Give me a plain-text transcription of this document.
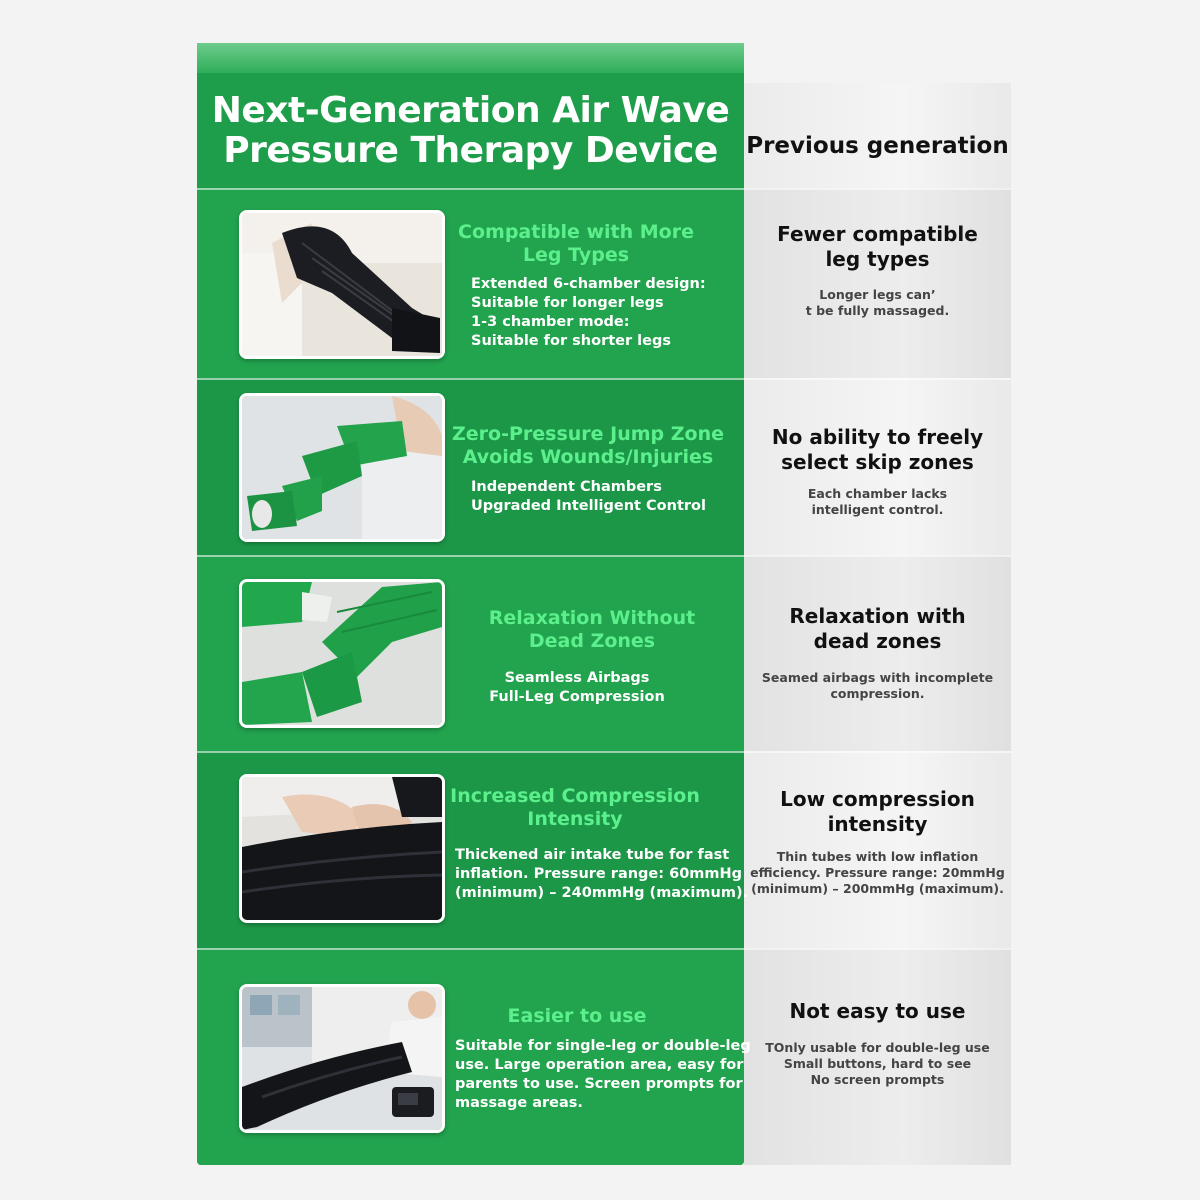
Next-Generation Air Wave
Pressure Therapy Device	Previous generation
Compatible with More
Leg Types
Extended 6-chamber design:
Suitable for longer legs
1-3 chamber mode:
Suitable for shorter legs
Fewer compatible
leg types
Longer legs can’
t be fully massaged.
Zero-Pressure Jump Zone
Avoids Wounds/Injuries
Independent Chambers
Upgraded Intelligent Control
No ability to freely
select skip zones
Each chamber lacks
intelligent control.
Relaxation Without
Dead Zones
Seamless Airbags
Full-Leg Compression
Relaxation with
dead zones
Seamed airbags with incomplete
compression.
Increased Compression
Intensity
Thickened air intake tube for fast
inflation. Pressure range: 60mmHg
(minimum) – 240mmHg (maximum).
Low compression
intensity
Thin tubes with low inflation
efficiency. Pressure range: 20mmHg
(minimum) – 200mmHg (maximum).
Easier to use
Suitable for single-leg or double-leg
use. Large operation area, easy for
parents to use. Screen prompts for
massage areas.
Not easy to use
TOnly usable for double-leg use
Small buttons, hard to see
No screen prompts
